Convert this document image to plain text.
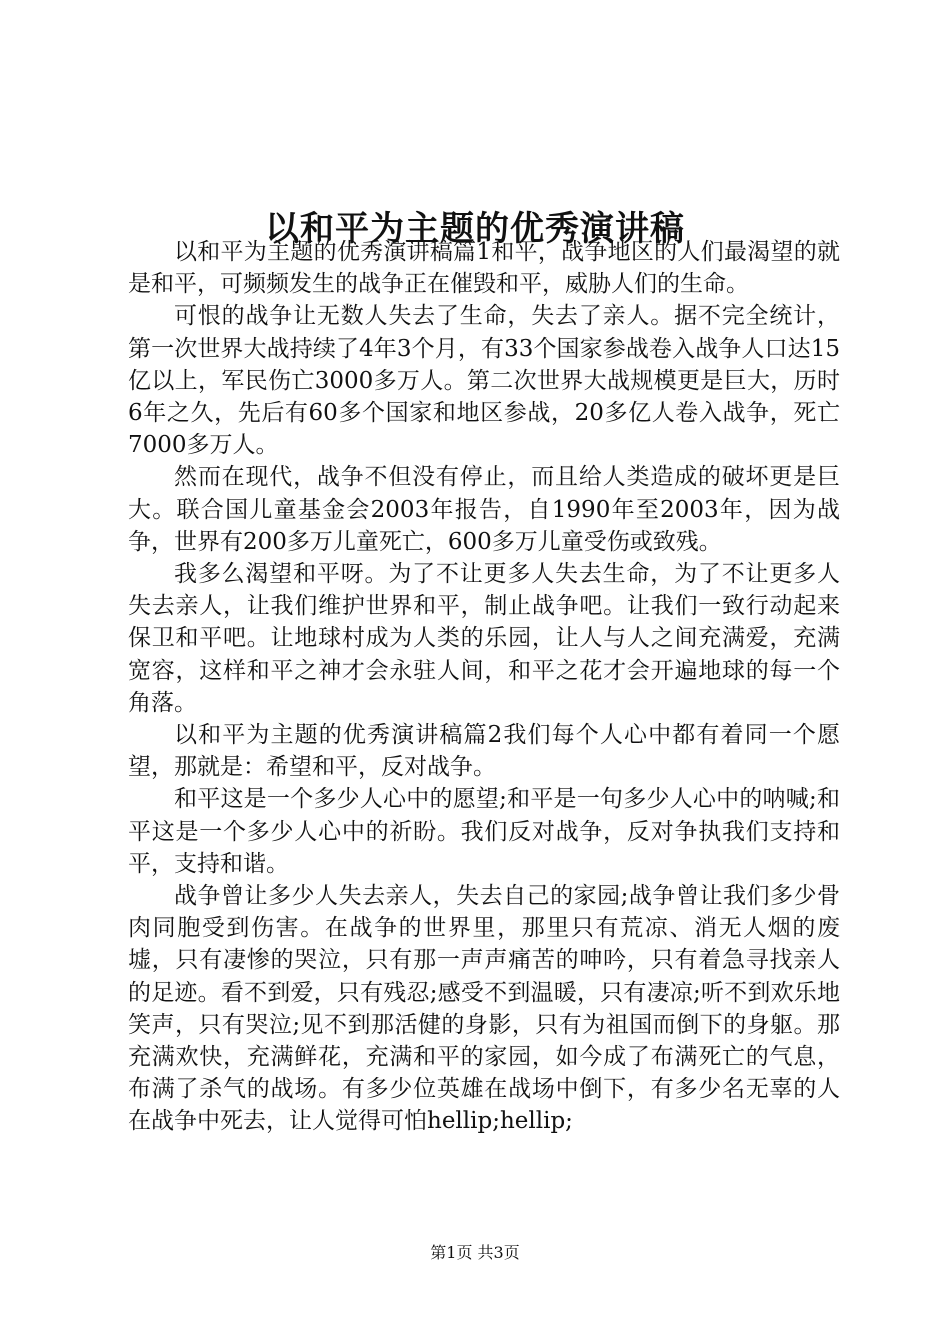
以和平为主题的优秀演讲稿

以和平为主题的优秀演讲稿篇1和平，战争地区的人们最渴望的就是和平，可频频发生的战争正在催毁和平，威胁人们的生命。

可恨的战争让无数人失去了生命，失去了亲人。据不完全统计，第一次世界大战持续了4年3个月，有33个国家参战卷入战争人口达15亿以上，军民伤亡3000多万人。第二次世界大战规模更是巨大，历时6年之久，先后有60多个国家和地区参战，20多亿人卷入战争，死亡7000多万人。

然而在现代，战争不但没有停止，而且给人类造成的破坏更是巨大。联合国儿童基金会2003年报告，自1990年至2003年，因为战争，世界有200多万儿童死亡，600多万儿童受伤或致残。

我多么渴望和平呀。为了不让更多人失去生命，为了不让更多人失去亲人，让我们维护世界和平，制止战争吧。让我们一致行动起来保卫和平吧。让地球村成为人类的乐园，让人与人之间充满爱，充满宽容，这样和平之神才会永驻人间，和平之花才会开遍地球的每一个角落。

以和平为主题的优秀演讲稿篇2我们每个人心中都有着同一个愿望，那就是：希望和平，反对战争。

和平这是一个多少人心中的愿望;和平是一句多少人心中的呐喊;和平这是一个多少人心中的祈盼。我们反对战争，反对争执我们支持和平，支持和谐。

战争曾让多少人失去亲人，失去自己的家园;战争曾让我们多少骨肉同胞受到伤害。在战争的世界里，那里只有荒凉、消无人烟的废墟，只有凄惨的哭泣，只有那一声声痛苦的呻吟，只有着急寻找亲人的足迹。看不到爱，只有残忍;感受不到温暖，只有凄凉;听不到欢乐地笑声，只有哭泣;见不到那活健的身影，只有为祖国而倒下的身躯。那充满欢快，充满鲜花，充满和平的家园，如今成了布满死亡的气息，布满了杀气的战场。有多少位英雄在战场中倒下，有多少名无辜的人在战争中死去，让人觉得可怕hellip;hellip;

第1页 共3页
